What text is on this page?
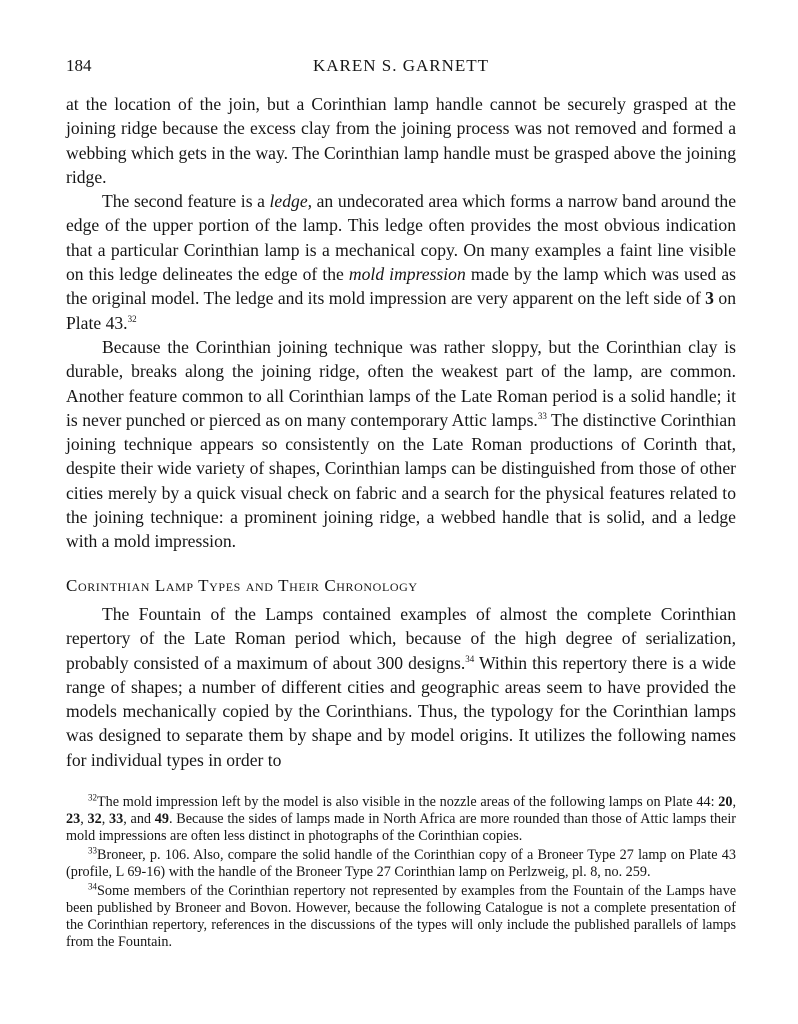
184	KAREN S. GARNETT

at the location of the join, but a Corinthian lamp handle cannot be securely grasped at the joining ridge because the excess clay from the joining process was not removed and formed a webbing which gets in the way. The Corinthian lamp handle must be grasped above the joining ridge.

The second feature is a ledge, an undecorated area which forms a narrow band around the edge of the upper portion of the lamp. This ledge often provides the most obvious indication that a particular Corinthian lamp is a mechanical copy. On many examples a faint line visible on this ledge delineates the edge of the mold impression made by the lamp which was used as the original model. The ledge and its mold impression are very apparent on the left side of 3 on Plate 43.32

Because the Corinthian joining technique was rather sloppy, but the Corinthian clay is durable, breaks along the joining ridge, often the weakest part of the lamp, are common. Another feature common to all Corinthian lamps of the Late Roman period is a solid handle; it is never punched or pierced as on many contemporary Attic lamps.$^{33}$ The distinctive Corinthian joining technique appears so consistently on the Late Roman productions of Corinth that, despite their wide variety of shapes, Corinthian lamps can be distinguished from those of other cities merely by a quick visual check on fabric and a search for the physical features related to the joining technique: a prominent joining ridge, a webbed handle that is solid, and a ledge with a mold impression.

Corinthian Lamp Types and Their Chronology

The Fountain of the Lamps contained examples of almost the complete Corinthian repertory of the Late Roman period which, because of the high degree of serialization, probably consisted of a maximum of about 300 designs.$^{34}$ Within this repertory there is a wide range of shapes; a number of different cities and geographic areas seem to have provided the models mechanically copied by the Corinthians. Thus, the typology for the Corinthian lamps was designed to separate them by shape and by model origins. It utilizes the following names for individual types in order to

$^{32}$The mold impression left by the model is also visible in the nozzle areas of the following lamps on Plate 44: 20, 23, 32, 33, and 49. Because the sides of lamps made in North Africa are more rounded than those of Attic lamps their mold impressions are often less distinct in photographs of the Corinthian copies.

$^{33}$Broneer, p. 106. Also, compare the solid handle of the Corinthian copy of a Broneer Type 27 lamp on Plate 43 (profile, L 69-16) with the handle of the Broneer Type 27 Corinthian lamp on Perlzweig, pl. 8, no. 259.

$^{34}$Some members of the Corinthian repertory not represented by examples from the Fountain of the Lamps have been published by Broneer and Bovon. However, because the following Catalogue is not a complete presentation of the Corinthian repertory, references in the discussions of the types will only include the published parallels of lamps from the Fountain.
